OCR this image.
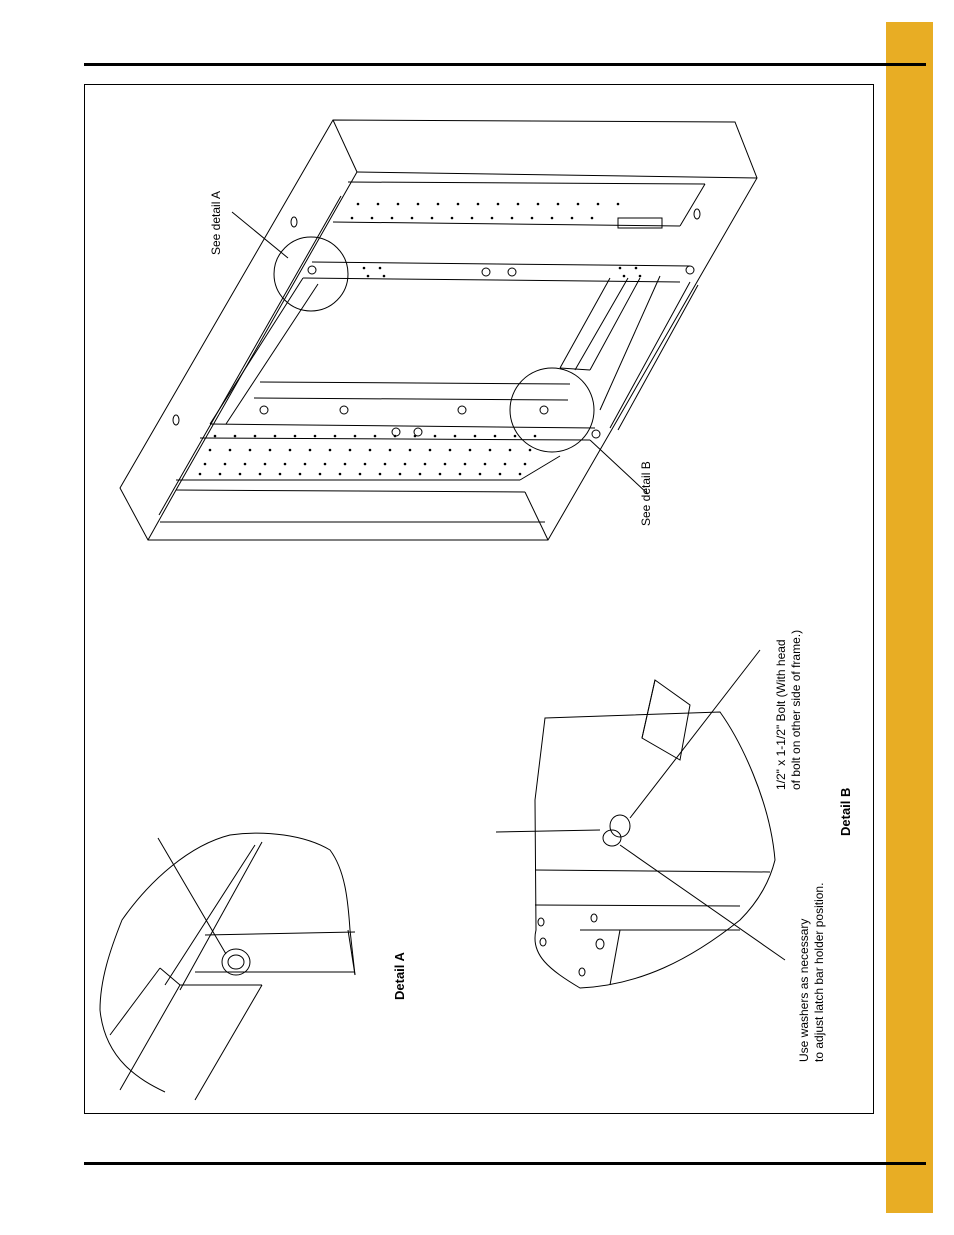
See detail A
See detail B
Detail A
Detail B
1/2" x 1-1/2" Bolt (With head of bolt on other side of frame.)
Use washers as necessary to adjust latch bar holder position.
